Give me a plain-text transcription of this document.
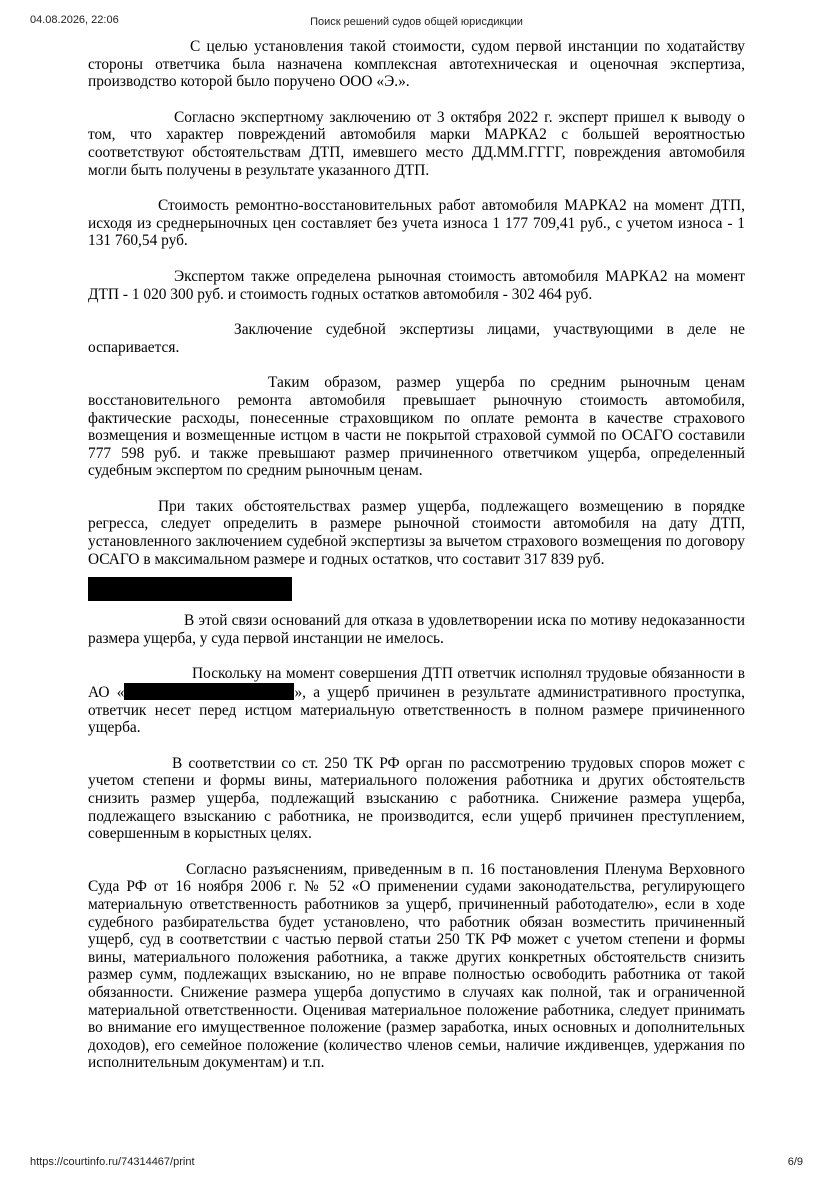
04.08.2026, 22:06	Поиск решений судов общей юрисдикции

С целью установления такой стоимости, судом первой инстанции по ходатайству стороны ответчика была назначена комплексная автотехническая и оценочная экспертиза, производство которой было поручено ООО «Э.».

Согласно экспертному заключению от 3 октября 2022 г. эксперт пришел к выводу о том, что характер повреждений автомобиля марки МАРКА2 с большей вероятностью соответствуют обстоятельствам ДТП, имевшего место ДД.ММ.ГГГГ, повреждения автомобиля могли быть получены в результате указанного ДТП.

Стоимость ремонтно-восстановительных работ автомобиля МАРКА2 на момент ДТП, исходя из среднерыночных цен составляет без учета износа 1 177 709,41 руб., с учетом износа - 1 131 760,54 руб.

Экспертом также определена рыночная стоимость автомобиля МАРКА2 на момент ДТП - 1 020 300 руб. и стоимость годных остатков автомобиля - 302 464 руб.

Заключение судебной экспертизы лицами, участвующими в деле не оспаривается.

Таким образом, размер ущерба по средним рыночным ценам восстановительного ремонта автомобиля превышает рыночную стоимость автомобиля, фактические расходы, понесенные страховщиком по оплате ремонта в качестве страхового возмещения и возмещенные истцом в части не покрытой страховой суммой по ОСАГО составили 777 598 руб. и также превышают размер причиненного ответчиком ущерба, определенный судебным экспертом по средним рыночным ценам.

При таких обстоятельствах размер ущерба, подлежащего возмещению в порядке регресса, следует определить в размере рыночной стоимости автомобиля на дату ДТП, установленного заключением судебной экспертизы за вычетом страхового возмещения по договору ОСАГО в максимальном размере и годных остатков, что составит 317 839 руб.

В этой связи оснований для отказа в удовлетворении иска по мотиву недоказанности размера ущерба, у суда первой инстанции не имелось.

Поскольку на момент совершения ДТП ответчик исполнял трудовые обязанности в АО «	», а ущерб причинен в результате административного проступка, ответчик несет перед истцом материальную ответственность в полном размере причиненного ущерба.

В соответствии со ст. 250 ТК РФ орган по рассмотрению трудовых споров может с учетом степени и формы вины, материального положения работника и других обстоятельств снизить размер ущерба, подлежащий взысканию с работника. Снижение размера ущерба, подлежащего взысканию с работника, не производится, если ущерб причинен преступлением, совершенным в корыстных целях.

Согласно разъяснениям, приведенным в п. 16 постановления Пленума Верховного Суда РФ от 16 ноября 2006 г. № 52 «О применении судами законодательства, регулирующего материальную ответственность работников за ущерб, причиненный работодателю», если в ходе судебного разбирательства будет установлено, что работник обязан возместить причиненный ущерб, суд в соответствии с частью первой статьи 250 ТК РФ может с учетом степени и формы вины, материального положения работника, а также других конкретных обстоятельств снизить размер сумм, подлежащих взысканию, но не вправе полностью освободить работника от такой обязанности. Снижение размера ущерба допустимо в случаях как полной, так и ограниченной материальной ответственности. Оценивая материальное положение работника, следует принимать во внимание его имущественное положение (размер заработка, иных основных и дополнительных доходов), его семейное положение (количество членов семьи, наличие иждивенцев, удержания по исполнительным документам) и т.п.

https://courtinfo.ru/74314467/print	6/9
